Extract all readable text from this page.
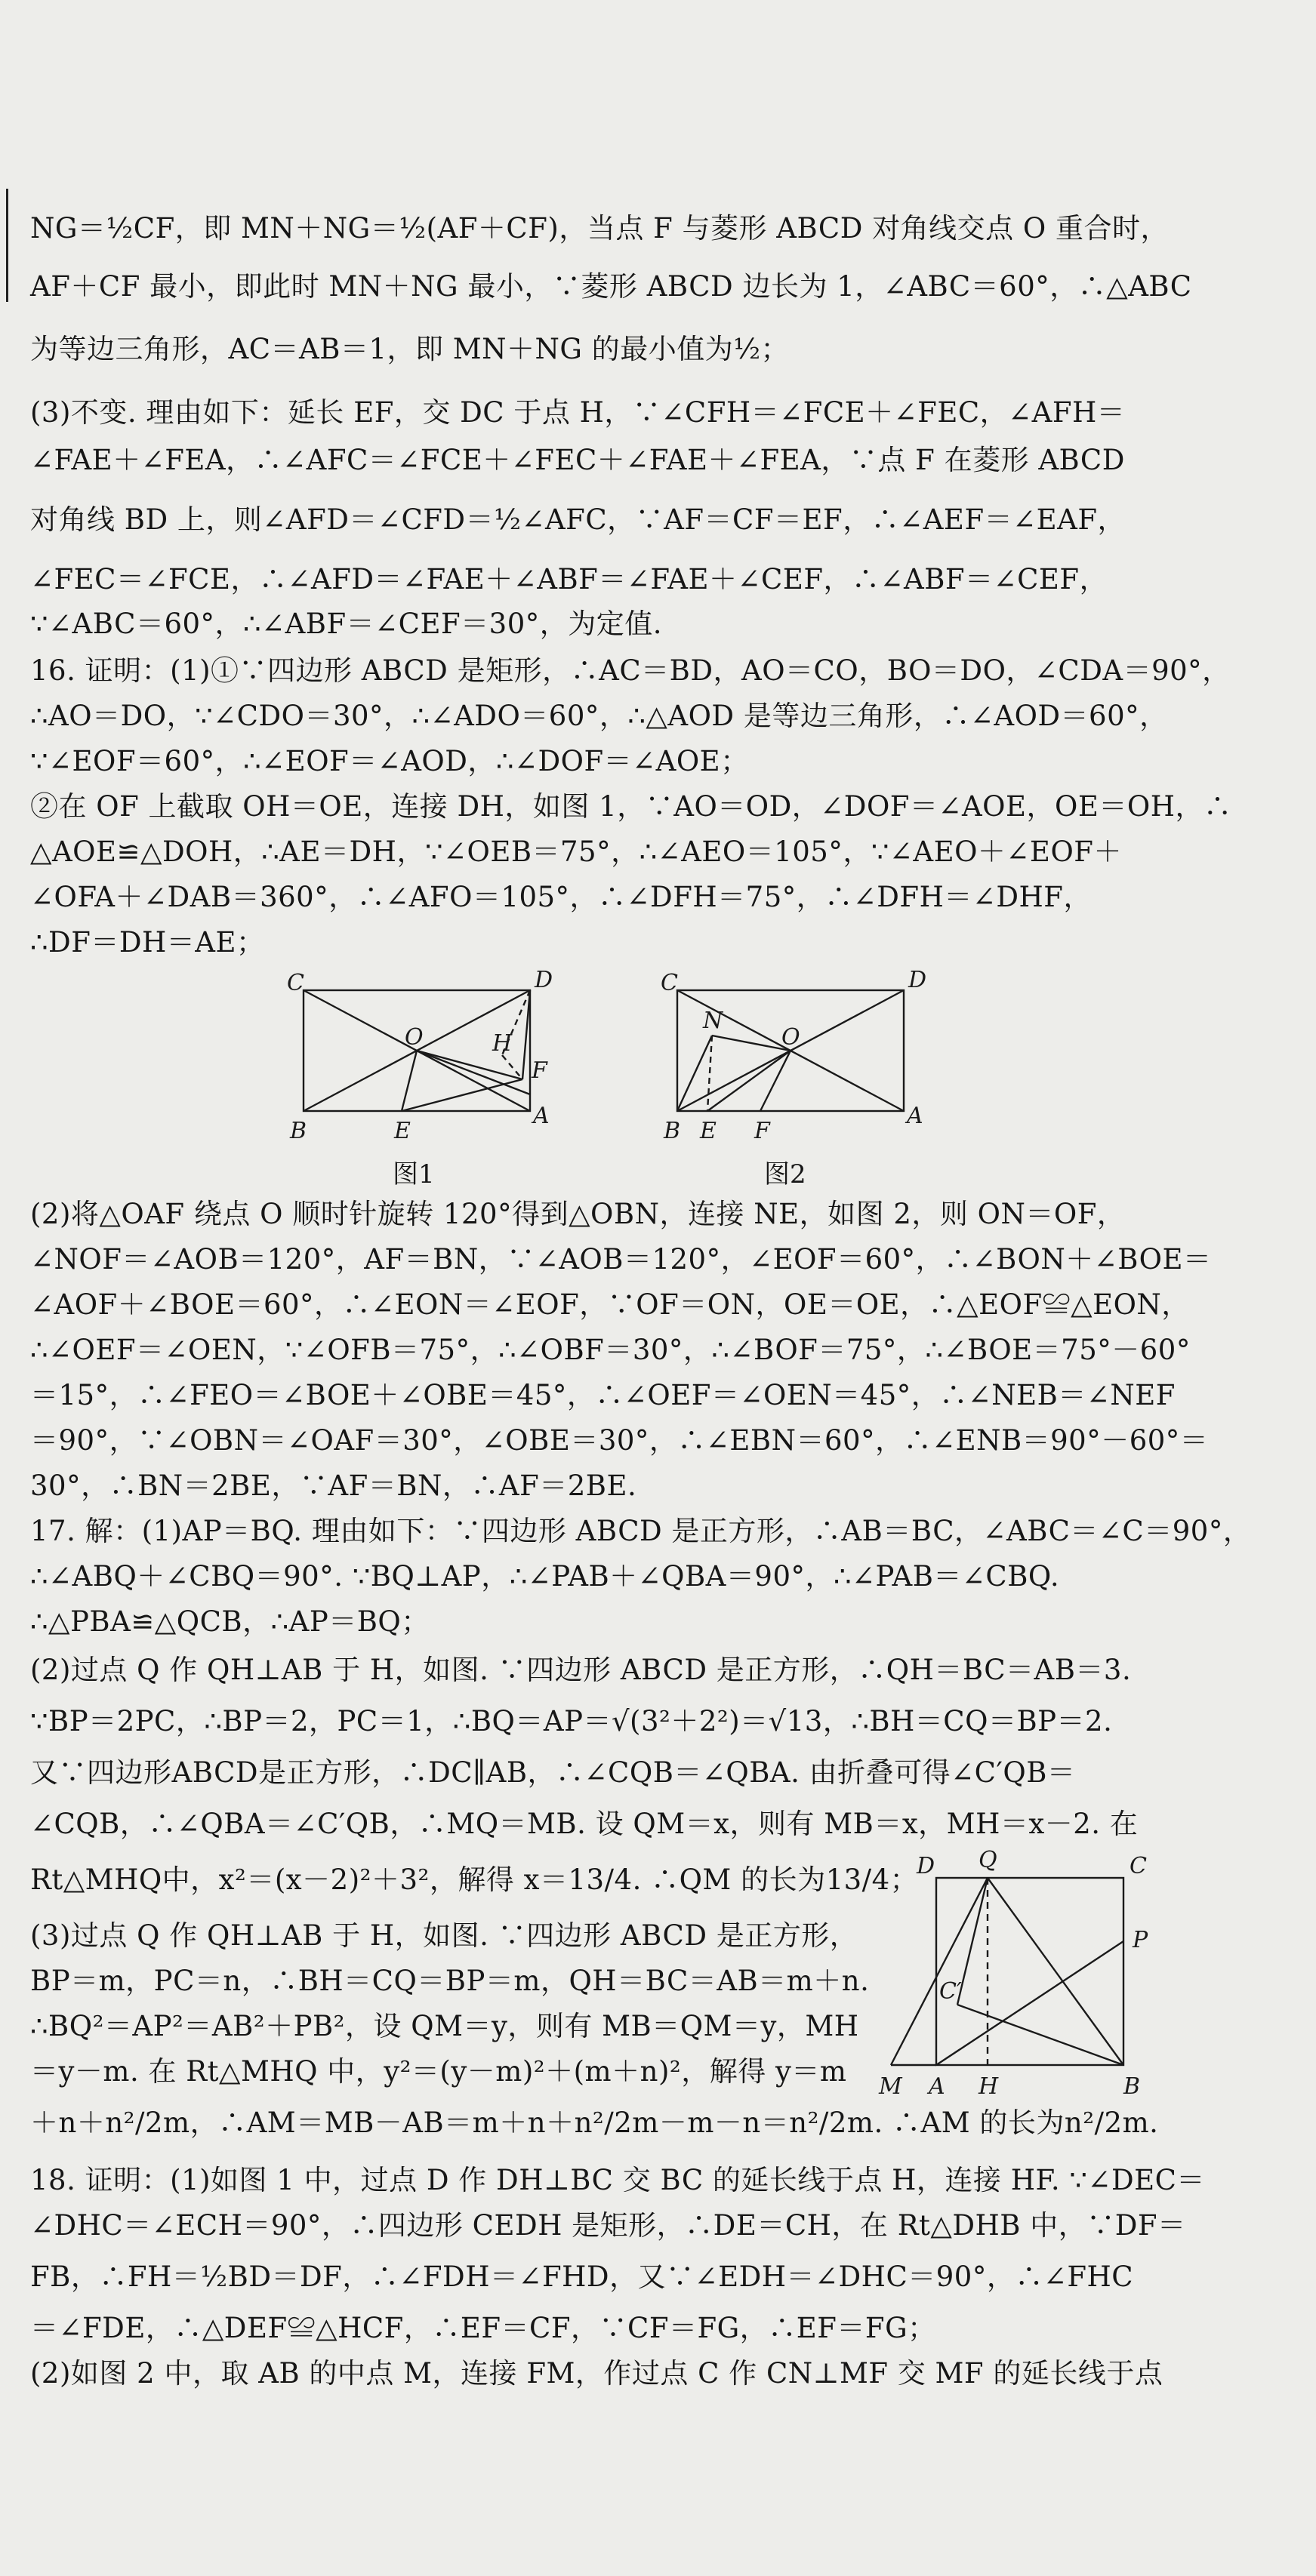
NG＝½CF，即 MN＋NG＝½(AF＋CF)，当点 F 与菱形 ABCD 对角线交点 O 重合时，
AF＋CF 最小，即此时 MN＋NG 最小，∵菱形 ABCD 边长为 1，∠ABC＝60°，∴△ABC
为等边三角形，AC＝AB＝1，即 MN＋NG 的最小值为½；
(3)不变. 理由如下：延长 EF，交 DC 于点 H，∵∠CFH＝∠FCE＋∠FEC，∠AFH＝
∠FAE＋∠FEA，∴∠AFC＝∠FCE＋∠FEC＋∠FAE＋∠FEA，∵点 F 在菱形 ABCD
对角线 BD 上，则∠AFD＝∠CFD＝½∠AFC，∵AF＝CF＝EF，∴∠AEF＝∠EAF，
∠FEC＝∠FCE，∴∠AFD＝∠FAE＋∠ABF＝∠FAE＋∠CEF，∴∠ABF＝∠CEF，
∵∠ABC＝60°，∴∠ABF＝∠CEF＝30°，为定值.
16. 证明：(1)①∵四边形 ABCD 是矩形，∴AC＝BD，AO＝CO，BO＝DO，∠CDA＝90°，
∴AO＝DO，∵∠CDO＝30°，∴∠ADO＝60°，∴△AOD 是等边三角形，∴∠AOD＝60°，
∵∠EOF＝60°，∴∠EOF＝∠AOD，∴∠DOF＝∠AOE；
②在 OF 上截取 OH＝OE，连接 DH，如图 1，∵AO＝OD，∠DOF＝∠AOE，OE＝OH，∴
△AOE≌△DOH，∴AE＝DH，∵∠OEB＝75°，∴∠AEO＝105°，∵∠AEO＋∠EOF＋
∠OFA＋∠DAB＝360°，∴∠AFO＝105°，∴∠DFH＝75°，∴∠DFH＝∠DHF，
∴DF＝DH＝AE；
C	D
O	H
F
B	E
A
图1
C	D
N
O
B E F
A
图2
(2)将△OAF 绕点 O 顺时针旋转 120°得到△OBN，连接 NE，如图 2，则 ON＝OF，
∠NOF＝∠AOB＝120°，AF＝BN，∵∠AOB＝120°，∠EOF＝60°，∴∠BON＋∠BOE＝
∠AOF＋∠BOE＝60°，∴∠EON＝∠EOF，∵OF＝ON，OE＝OE，∴△EOF≌△EON，
∴∠OEF＝∠OEN，∵∠OFB＝75°，∴∠OBF＝30°，∴∠BOF＝75°，∴∠BOE＝75°－60°
＝15°，∴∠FEO＝∠BOE＋∠OBE＝45°，∴∠OEF＝∠OEN＝45°，∴∠NEB＝∠NEF
＝90°，∵∠OBN＝∠OAF＝30°，∠OBE＝30°，∴∠EBN＝60°，∴∠ENB＝90°－60°＝
30°，∴BN＝2BE，∵AF＝BN，∴AF＝2BE.
17. 解：(1)AP＝BQ. 理由如下：∵四边形 ABCD 是正方形，∴AB＝BC，∠ABC＝∠C＝90°，
∴∠ABQ＋∠CBQ＝90°. ∵BQ⊥AP，∴∠PAB＋∠QBA＝90°，∴∠PAB＝∠CBQ.
∴△PBA≌△QCB，∴AP＝BQ；
(2)过点 Q 作 QH⊥AB 于 H，如图. ∵四边形 ABCD 是正方形，∴QH＝BC＝AB＝3.
∵BP＝2PC，∴BP＝2，PC＝1，∴BQ＝AP＝√(3²＋2²)＝√13，∴BH＝CQ＝BP＝2.
又∵四边形ABCD是正方形，∴DC∥AB，∴∠CQB＝∠QBA. 由折叠可得∠C′QB＝
∠CQB，∴∠QBA＝∠C′QB，∴MQ＝MB. 设 QM＝x，则有 MB＝x，MH＝x－2. 在
Rt△MHQ中，x²＝(x－2)²＋3²，解得 x＝13/4. ∴QM 的长为13/4；
(3)过点 Q 作 QH⊥AB 于 H，如图. ∵四边形 ABCD 是正方形，
BP＝m，PC＝n，∴BH＝CQ＝BP＝m，QH＝BC＝AB＝m＋n.
∴BQ²＝AP²＝AB²＋PB²，设 QM＝y，则有 MB＝QM＝y，MH
＝y－m. 在 Rt△MHQ 中，y²＝(y－m)²＋(m＋n)²，解得 y＝m
＋n＋n²/2m，∴AM＝MB－AB＝m＋n＋n²/2m－m－n＝n²/2m. ∴AM 的长为n²/2m.
D Q	C
C′
P
M A H	B
18. 证明：(1)如图 1 中，过点 D 作 DH⊥BC 交 BC 的延长线于点 H，连接 HF. ∵∠DEC＝
∠DHC＝∠ECH＝90°，∴四边形 CEDH 是矩形，∴DE＝CH，在 Rt△DHB 中，∵DF＝
FB，∴FH＝½BD＝DF，∴∠FDH＝∠FHD，又∵∠EDH＝∠DHC＝90°，∴∠FHC
＝∠FDE，∴△DEF≌△HCF，∴EF＝CF，∵CF＝FG，∴EF＝FG；
(2)如图 2 中，取 AB 的中点 M，连接 FM，作过点 C 作 CN⊥MF 交 MF 的延长线于点
